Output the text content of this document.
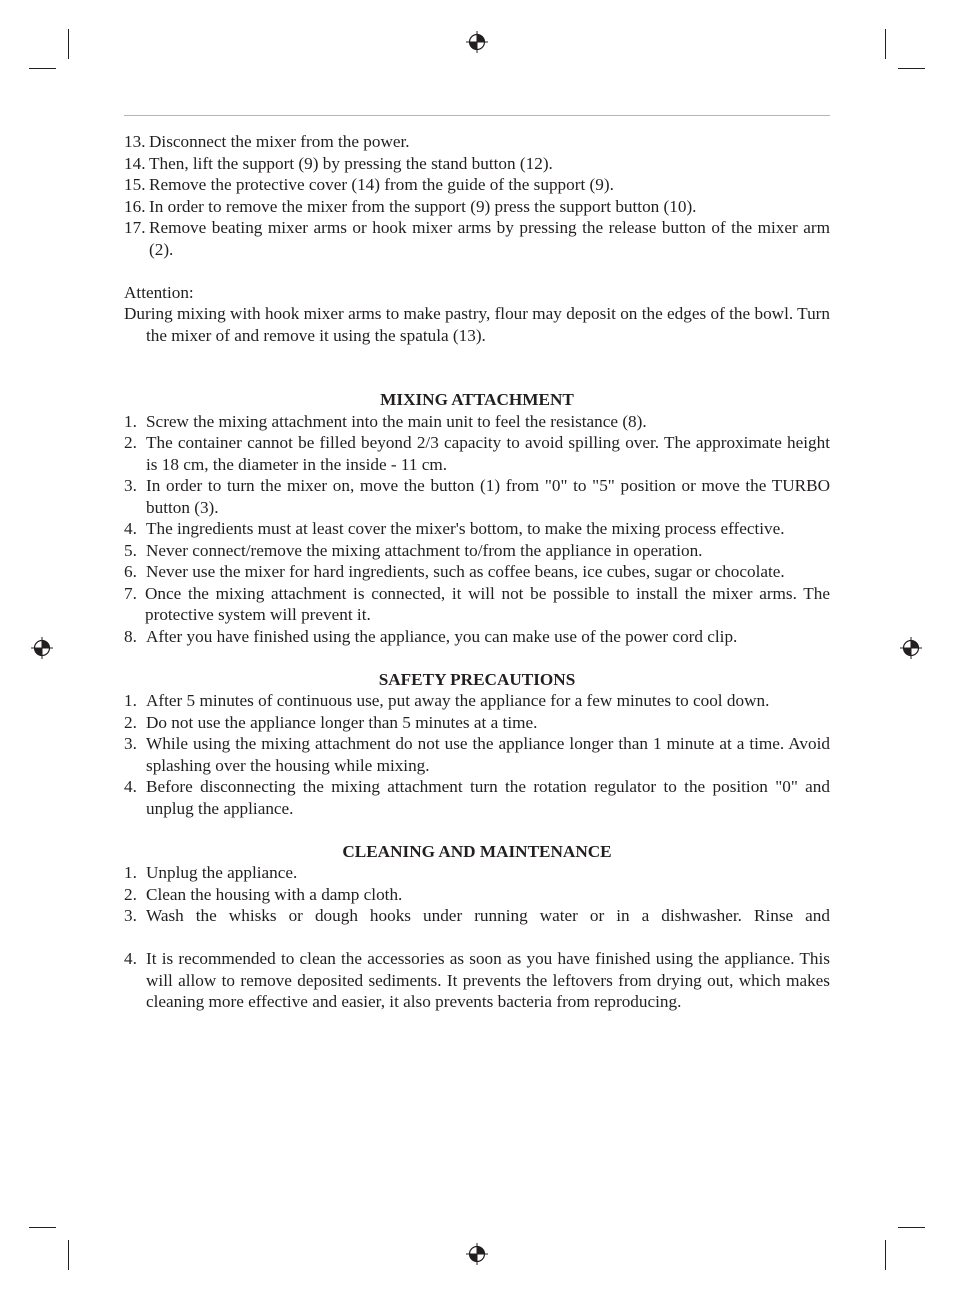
13. Disconnect the mixer from the power.
14. Then, lift the support (9) by pressing the stand button (12).
15. Remove the protective cover (14) from the guide of the support (9).
16. In order to remove the mixer from the support (9) press the support button (10).
17. Remove beating mixer arms or hook mixer arms by pressing the release button of the mixer arm (2).
Attention:
During mixing with hook mixer arms to make pastry, flour may deposit on the edges of the bowl. Turn the mixer of and remove it using the spatula (13).
MIXING ATTACHMENT
1. Screw the mixing attachment into the main unit to feel the resistance (8).
2. The container cannot be filled beyond 2/3 capacity to avoid spilling over. The approximate height is 18 cm, the diameter in the inside - 11 cm.
3. In order to turn the mixer on, move the button (1) from "0" to "5" position or move the TURBO button (3).
4. The ingredients must at least cover the mixer's bottom, to make the mixing process effective.
5. Never connect/remove the mixing attachment to/from the appliance in operation.
6. Never use the mixer for hard ingredients, such as coffee beans, ice cubes, sugar or chocolate.
7. Once the mixing attachment is connected, it will not be possible to install the mixer arms. The protective system will prevent it.
8. After you have finished using the appliance, you can make use of the power cord clip.
SAFETY PRECAUTIONS
1. After 5 minutes of continuous use, put away the appliance for a few minutes to cool down.
2. Do not use the appliance longer than 5 minutes at a time.
3. While using the mixing attachment do not use the appliance longer than 1 minute at a time. Avoid splashing over the housing while mixing.
4. Before disconnecting the mixing attachment turn the rotation regulator to the position "0" and unplug the appliance.
CLEANING AND MAINTENANCE
1. Unplug the appliance.
2. Clean the housing with a damp cloth.
3. Wash the whisks or dough hooks under running water or in a dishwasher. Rinse and
4. It is recommended to clean the accessories as soon as you have finished using the appliance. This will allow to remove deposited sediments. It prevents the leftovers from drying out, which makes cleaning more effective and easier, it also prevents bacteria from reproducing.
